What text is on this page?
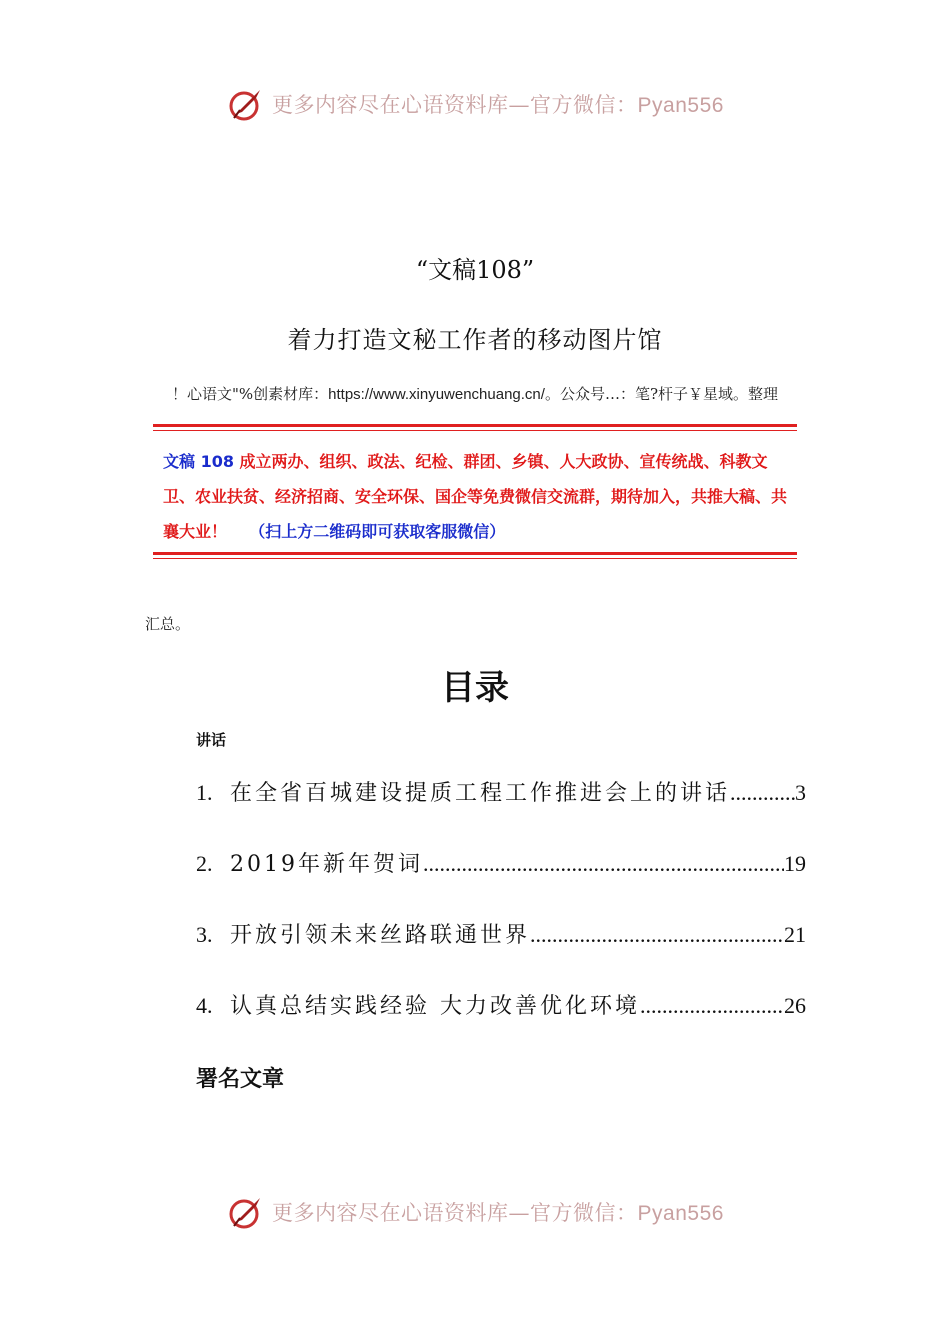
更多内容尽在心语资料库—官方微信：Pyan556
“文稿108”
着力打造文秘工作者的移动图片馆
！心语文"%创素材库：https://www.xinyuwenchuang.cn/。公众号…：笔?杆子￥星域。整理
文稿 108 成立两办、组织、政法、纪检、群团、乡镇、人大政协、宣传统战、科教文卫、农业扶贫、经济招商、安全环保、国企等免费微信交流群，期待加入，共推大稿、共襄大业！ （扫上方二维码即可获取客服微信）
汇总。
目录
讲话
1. 在全省百城建设提质工程工作推进会上的讲话 .....	3
2. 2019年新年贺词 .....	19
3. 开放引领未来丝路联通世界 .....	21
4. 认真总结实践经验 大力改善优化环境 .....	26
署名文章
更多内容尽在心语资料库—官方微信：Pyan556
